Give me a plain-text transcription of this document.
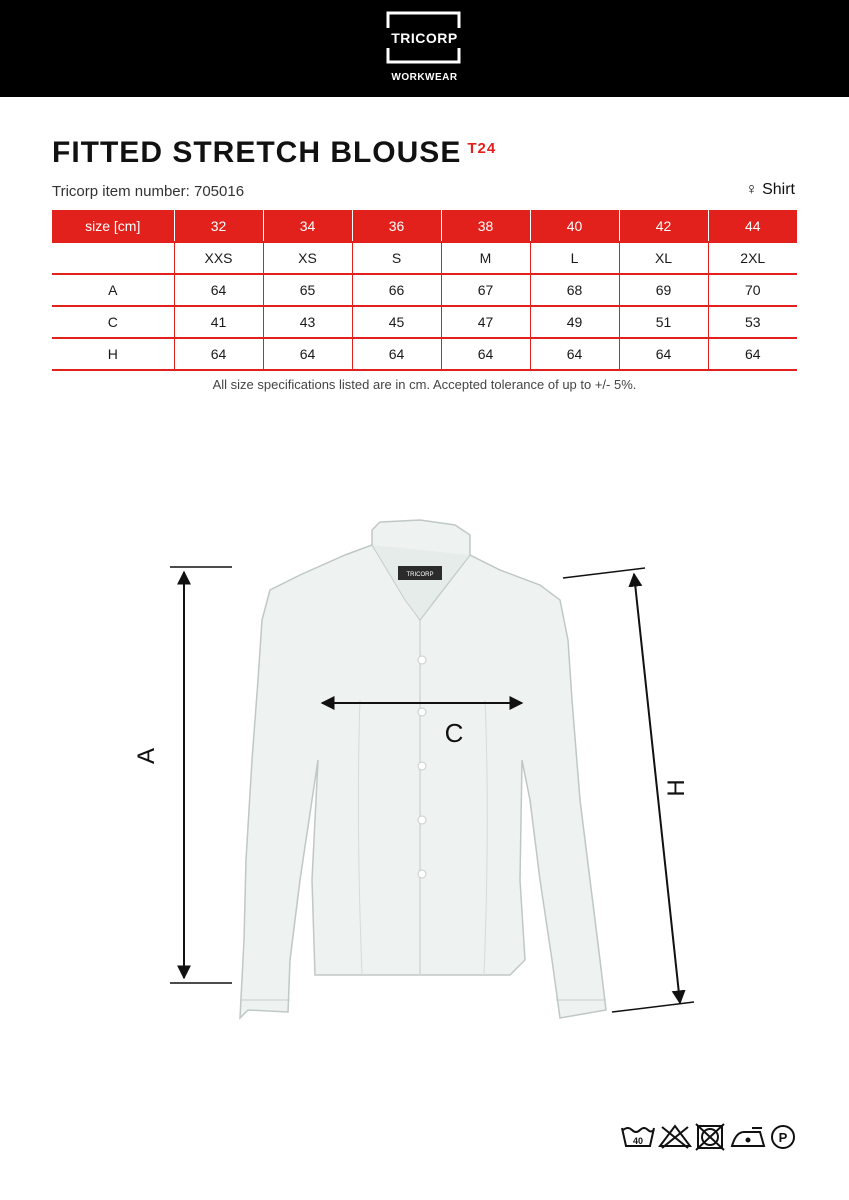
TRICORP
WORKWEAR
FITTED STRETCH BLOUSE $^{T24}$
Tricorp item number: 705016	♀ Shirt
size [cm]	32	34	36	38	40	42	44
	XXS	XS	S	M	L	XL	2XL
A	64	65	66	67	68	69	70
C	41	43	45	47	49	51	53
H	64	64	64	64	64	64	64
All size specifications listed are in cm. Accepted tolerance of up to +/- 5%.
TRICORP
A
C
H
40	P
